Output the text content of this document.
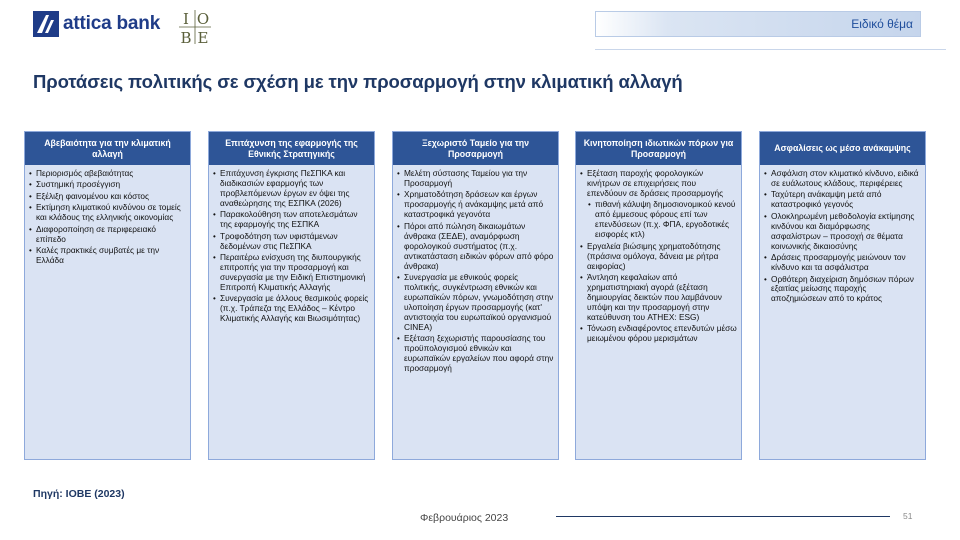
attica bank I O
B E
Ειδικό θέμα
Προτάσεις πολιτικής σε σχέση με την προσαρμογή στην κλιματική αλλαγή
Αβεβαιότητα για την κλιματική αλλαγή
• Περιορισμός αβεβαιότητας
• Συστημική προσέγγιση
• Εξέλιξη φαινομένου και κόστος
• Εκτίμηση κλιματικού κινδύνου σε τομείς και κλάδους της ελληνικής οικονομίας
• Διαφοροποίηση σε περιφερειακό επίπεδο
• Καλές πρακτικές συμβατές με την Ελλάδα
Επιτάχυνση της εφαρμογής της Εθνικής Στρατηγικής
• Επιτάχυνση έγκρισης ΠεΣΠΚΑ και διαδικασιών εφαρμογής των προβλεπόμενων έργων εν όψει της αναθεώρησης της ΕΣΠΚΑ (2026)
• Παρακολούθηση των αποτελεσμάτων της εφαρμογής της ΕΣΠΚΑ
• Τροφοδότηση των υφιστάμενων δεδομένων στις ΠεΣΠΚΑ
• Περαιτέρω ενίσχυση της διυπουργικής επιτροπής για την προσαρμογή και συνεργασία με την Ειδική Επιστημονική Επιτροπή Κλιματικής Αλλαγής
• Συνεργασία με άλλους θεσμικούς φορείς (π.χ. Τράπεζα της Ελλάδος – Κέντρο Κλιματικής Αλλαγής και Βιωσιμότητας)
Ξεχωριστό Ταμείο για την Προσαρμογή
• Μελέτη σύστασης Ταμείου για την Προσαρμογή
• Χρηματοδότηση δράσεων και έργων προσαρμογής ή ανάκαμψης μετά από καταστροφικά γεγονότα
• Πόροι από πώληση δικαιωμάτων άνθρακα (ΣΕΔΕ), αναμόρφωση φορολογικού συστήματος (π.χ. αντικατάσταση ειδικών φόρων από φόρο άνθρακα)
• Συνεργασία με εθνικούς φορείς πολιτικής, συγκέντρωση εθνικών και ευρωπαϊκών πόρων, γνωμοδότηση στην υλοποίηση έργων προσαρμογής (κατ' αντιστοιχία του ευρωπαϊκού οργανισμού CINEA)
• Εξέταση ξεχωριστής παρουσίασης του προϋπολογισμού εθνικών και ευρωπαϊκών εργαλείων που αφορά στην προσαρμογή
Κινητοποίηση ιδιωτικών πόρων για Προσαρμογή
• Εξέταση παροχής φορολογικών κινήτρων σε επιχειρήσεις που επενδύουν σε δράσεις προσαρμογής
• πιθανή κάλυψη δημοσιονομικού κενού από έμμεσους φόρους επί των επενδύσεων (π.χ. ΦΠΑ, εργοδοτικές εισφορές κτλ)
• Εργαλεία βιώσιμης χρηματοδότησης (πράσινα ομόλογα, δάνεια με ρήτρα αειφορίας)
• Άντληση κεφαλαίων από χρηματιστηριακή αγορά (εξέταση δημιουργίας δεικτών που λαμβάνουν υπόψη και την προσαρμογή στην κατεύθυνση του ATHEX: ESG)
• Τόνωση ενδιαφέροντος επενδυτών μέσω μειωμένου φόρου μερισμάτων
Ασφαλίσεις ως μέσο ανάκαμψης
• Ασφάλιση στον κλιματικό κίνδυνο, ειδικά σε ευάλωτους κλάδους, περιφέρειες
• Ταχύτερη ανάκαμψη μετά από καταστροφικό γεγονός
• Ολοκληρωμένη μεθοδολογία εκτίμησης κινδύνου και διαμόρφωσης ασφαλίστρων – προσοχή σε θέματα κοινωνικής δικαιοσύνης
• Δράσεις προσαρμογής μειώνουν τον κίνδυνο και τα ασφάλιστρα
• Ορθότερη διαχείριση δημόσιων πόρων εξαιτίας μείωσης παροχής αποζημιώσεων από το κράτος
Πηγή: ΙΟΒΕ (2023)
Φεβρουάριος 2023	51
